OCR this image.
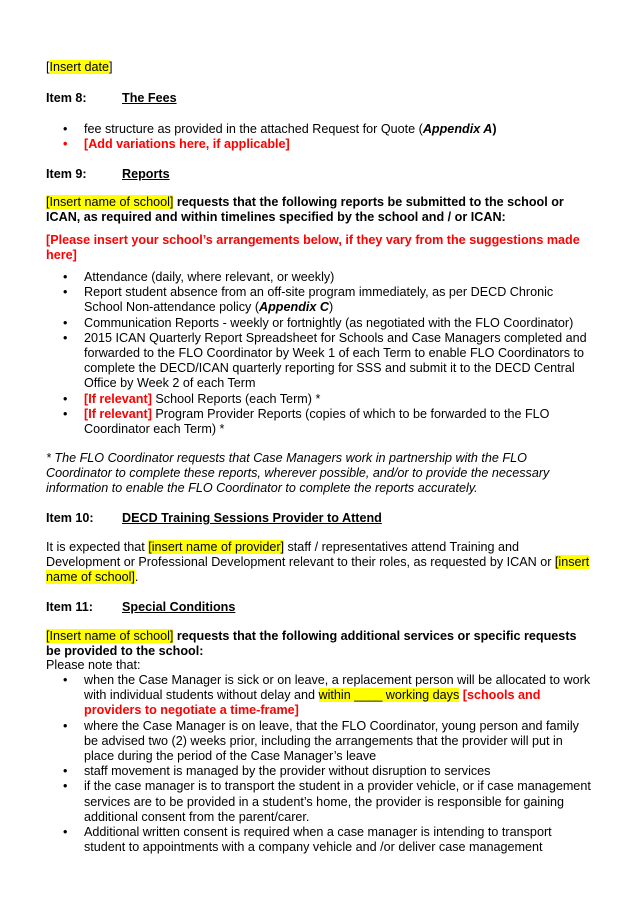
[Insert date]
Item 8:	The Fees
• fee structure as provided in the attached Request for Quote (Appendix A)
• [Add variations here, if applicable]
Item 9:	Reports
[Insert name of school] requests that the following reports be submitted to the school or ICAN, as required and within timelines specified by the school and / or ICAN:
[Please insert your school’s arrangements below, if they vary from the suggestions made here]
• Attendance (daily, where relevant, or weekly)
• Report student absence from an off-site program immediately, as per DECD Chronic School Non-attendance policy (Appendix C)
• Communication Reports - weekly or fortnightly (as negotiated with the FLO Coordinator)
• 2015 ICAN Quarterly Report Spreadsheet for Schools and Case Managers completed and forwarded to the FLO Coordinator by Week 1 of each Term to enable FLO Coordinators to complete the DECD/ICAN quarterly reporting for SSS and submit it to the DECD Central Office by Week 2 of each Term
• [If relevant] School Reports (each Term) *
• [If relevant] Program Provider Reports (copies of which to be forwarded to the FLO Coordinator each Term) *
* The FLO Coordinator requests that Case Managers work in partnership with the FLO Coordinator to complete these reports, wherever possible, and/or to provide the necessary information to enable the FLO Coordinator to complete the reports accurately.
Item 10: DECD Training Sessions Provider to Attend
It is expected that [insert name of provider] staff / representatives attend Training and Development or Professional Development relevant to their roles, as requested by ICAN or [insert name of school].
Item 11: Special Conditions
[Insert name of school] requests that the following additional services or specific requests be provided to the school:
Please note that:
• when the Case Manager is sick or on leave, a replacement person will be allocated to work with individual students without delay and within ____ working days [schools and providers to negotiate a time-frame]
• where the Case Manager is on leave, that the FLO Coordinator, young person and family be advised two (2) weeks prior, including the arrangements that the provider will put in place during the period of the Case Manager’s leave
• staff movement is managed by the provider without disruption to services
• if the case manager is to transport the student in a provider vehicle, or if case management services are to be provided in a student’s home, the provider is responsible for gaining additional consent from the parent/carer.
• Additional written consent is required when a case manager is intending to transport student to appointments with a company vehicle and /or deliver case management
